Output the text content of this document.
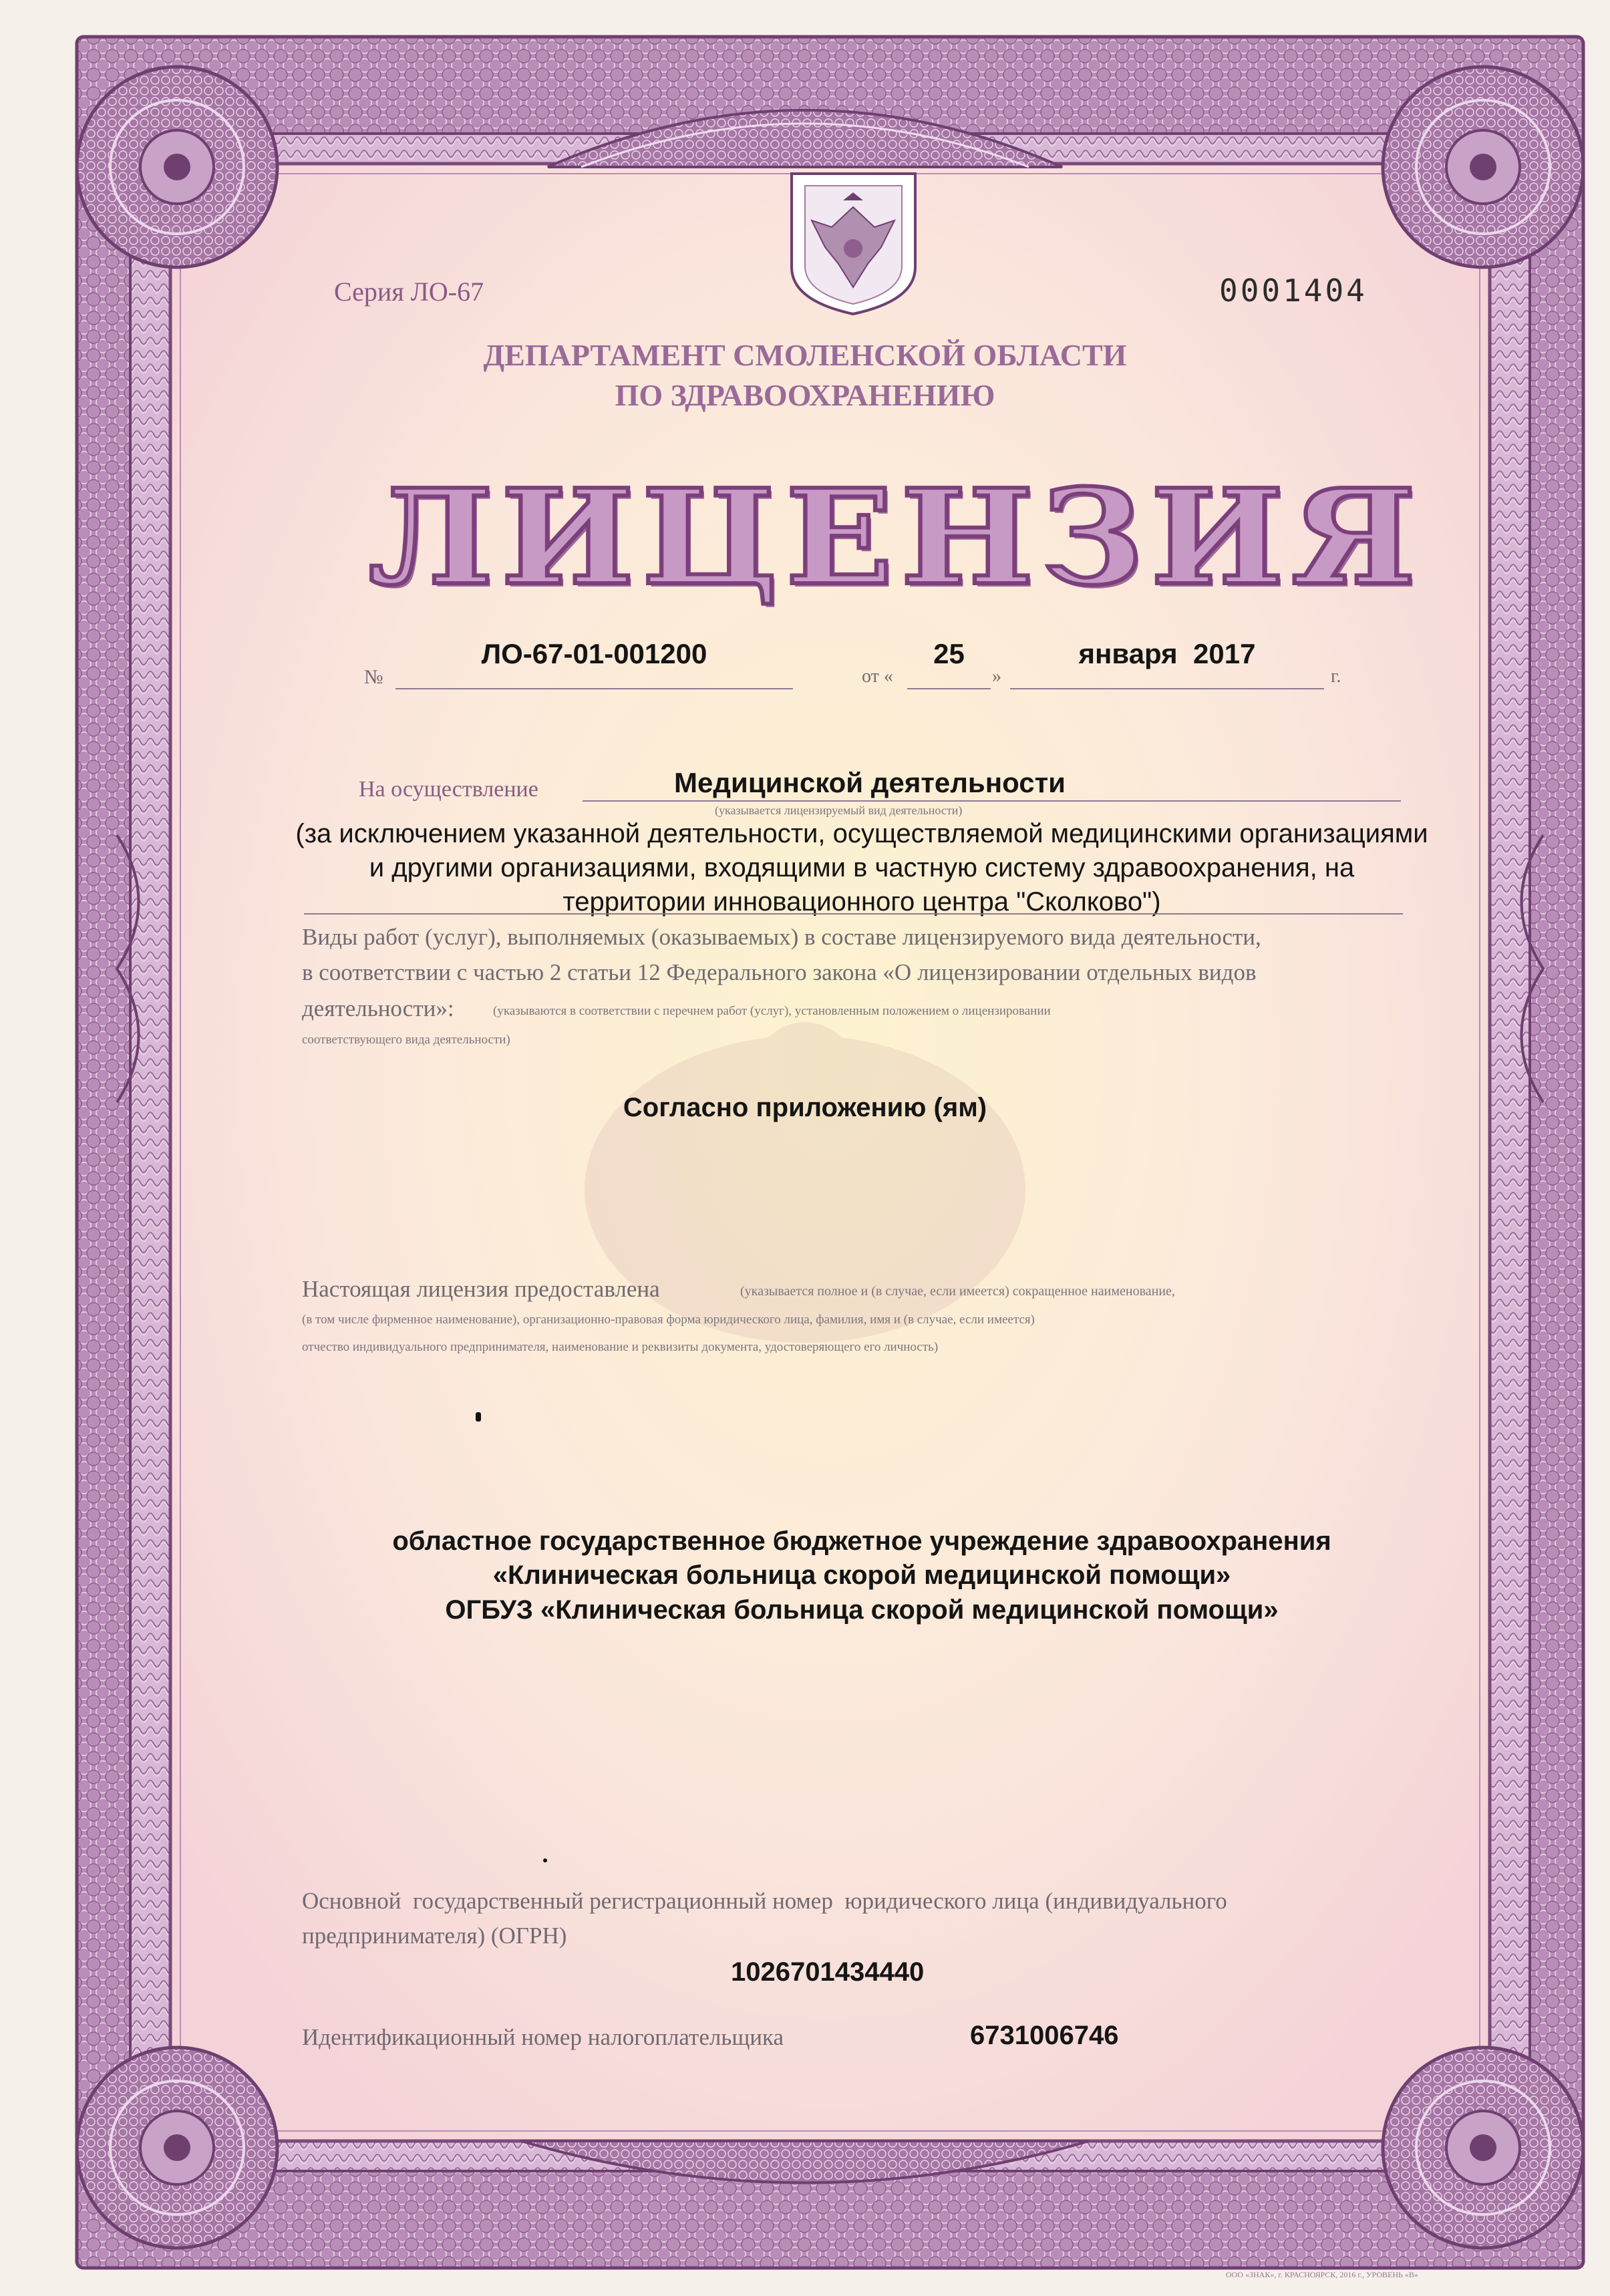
Серия ЛО-67	0001404
ДЕПАРТАМЕНТ СМОЛЕНСКОЙ ОБЛАСТИ
ПО ЗДРАВООХРАНЕНИЮ
ЛИЦЕНЗИЯ
№
ЛО-67-01-001200
от «
25
»
января  2017
г.
На осуществление	Медицинской деятельности
(указывается лицензируемый вид деятельности)
(за исключением указанной деятельности, осуществляемой медицинскими организациями
и другими организациями, входящими в частную систему здравоохранения, на
территории инновационного центра "Сколково")
Виды работ (услуг), выполняемых (оказываемых) в составе лицензируемого вида деятельности,
в соответствии с частью 2 статьи 12 Федерального закона «О лицензировании отдельных видов
деятельности»:	(указываются в соответствии с перечнем работ (услуг), установленным положением о лицензировании
соответствующего вида деятельности)
Согласно приложению (ям)
Настоящая лицензия предоставлена	(указывается полное и (в случае, если имеется) сокращенное наименование,
(в том числе фирменное наименование), организационно-правовая форма юридического лица, фамилия, имя и (в случае, если имеется)
отчество индивидуального предпринимателя, наименование и реквизиты документа, удостоверяющего его личность)
областное государственное бюджетное учреждение здравоохранения
«Клиническая больница скорой медицинской помощи»
ОГБУЗ «Клиническая больница скорой медицинской помощи»
Основной  государственный регистрационный номер  юридического лица (индивидуального
предпринимателя) (ОГРН)
1026701434440
Идентификационный номер налогоплательщика	6731006746
ООО «ЗНАК», г. КРАСНОЯРСК, 2016 г., УРОВЕНЬ «В»
